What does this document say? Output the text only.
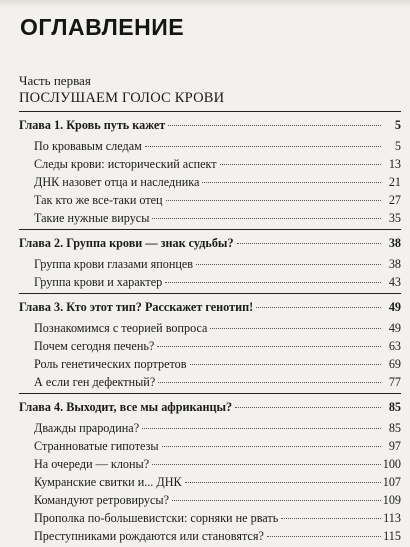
ОГЛАВЛЕНИЕ
Часть первая
ПОСЛУШАЕМ ГОЛОС КРОВИ
Глава 1. Кровь путь кажет	5
По кровавым следам	5
Следы крови: исторический аспект	13
ДНК назовет отца и наследника	21
Так кто же все-таки отец	27
Такие нужные вирусы	35
Глава 2. Группа крови — знак судьбы?	38
Группа крови глазами японцев	38
Группа крови и характер	43
Глава 3. Кто этот тип? Расскажет генотип!	49
Познакомимся с теорией вопроса	49
Почем сегодня печень?	63
Роль генетических портретов	69
А если ген дефектный?	77
Глава 4. Выходит, все мы африканцы?	85
Дважды прародина?	85
Странноватые гипотезы	97
На очереди — клоны?	100
Кумранские свитки и... ДНК	107
Командуют ретровирусы?	109
Прополка по-большевистски: сорняки не рвать	113
Преступниками рождаются или становятся?	115
